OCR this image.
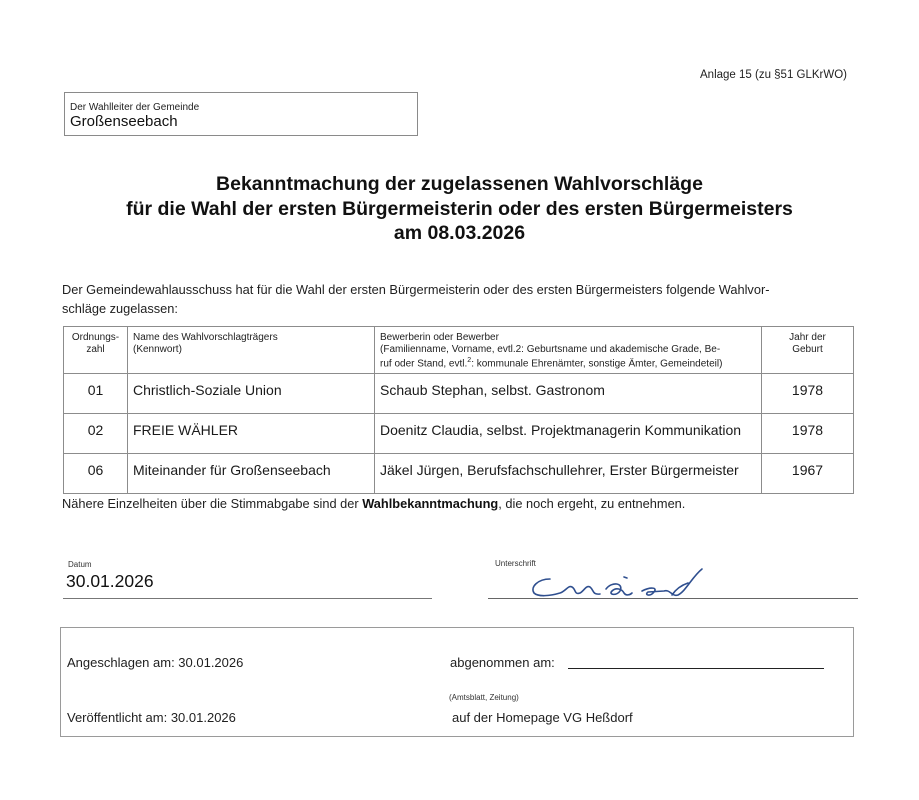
Anlage 15 (zu §51 GLKrWO)
Der Wahlleiter der Gemeinde
Großenseebach
Bekanntmachung der zugelassenen Wahlvorschläge
für die Wahl der ersten Bürgermeisterin oder des ersten Bürgermeisters
am 08.03.2026
Der Gemeindewahlausschuss hat für die Wahl der ersten Bürgermeisterin oder des ersten Bürgermeisters folgende Wahlvor-
schläge zugelassen:
Ordnungs-
zahl

Name des Wahlvorschlagträgers
(Kennwort)

Bewerberin oder Bewerber
(Familienname, Vorname, evtl.2: Geburtsname und akademische Grade, Be-
ruf oder Stand, evtl.$^2$: kommunale Ehrenämter, sonstige Ämter, Gemeindeteil)

Jahr der
Geburt

01	Christlich-Soziale Union	Schaub Stephan, selbst. Gastronom	1978
02	FREIE WÄHLER	Doenitz Claudia, selbst. Projektmanagerin Kommunikation	1978
06	Miteinander für Großenseebach	Jäkel Jürgen, Berufsfachschullehrer, Erster Bürgermeister	1967
Nähere Einzelheiten über die Stimmabgabe sind der Wahlbekanntmachung, die noch ergeht, zu entnehmen.
Datum
30.01.2026
Unterschrift
Angeschlagen am: 30.01.2026
Veröffentlicht am: 30.01.2026
abgenommen am:
(Amtsblatt, Zeitung)
auf der Homepage VG Heßdorf
